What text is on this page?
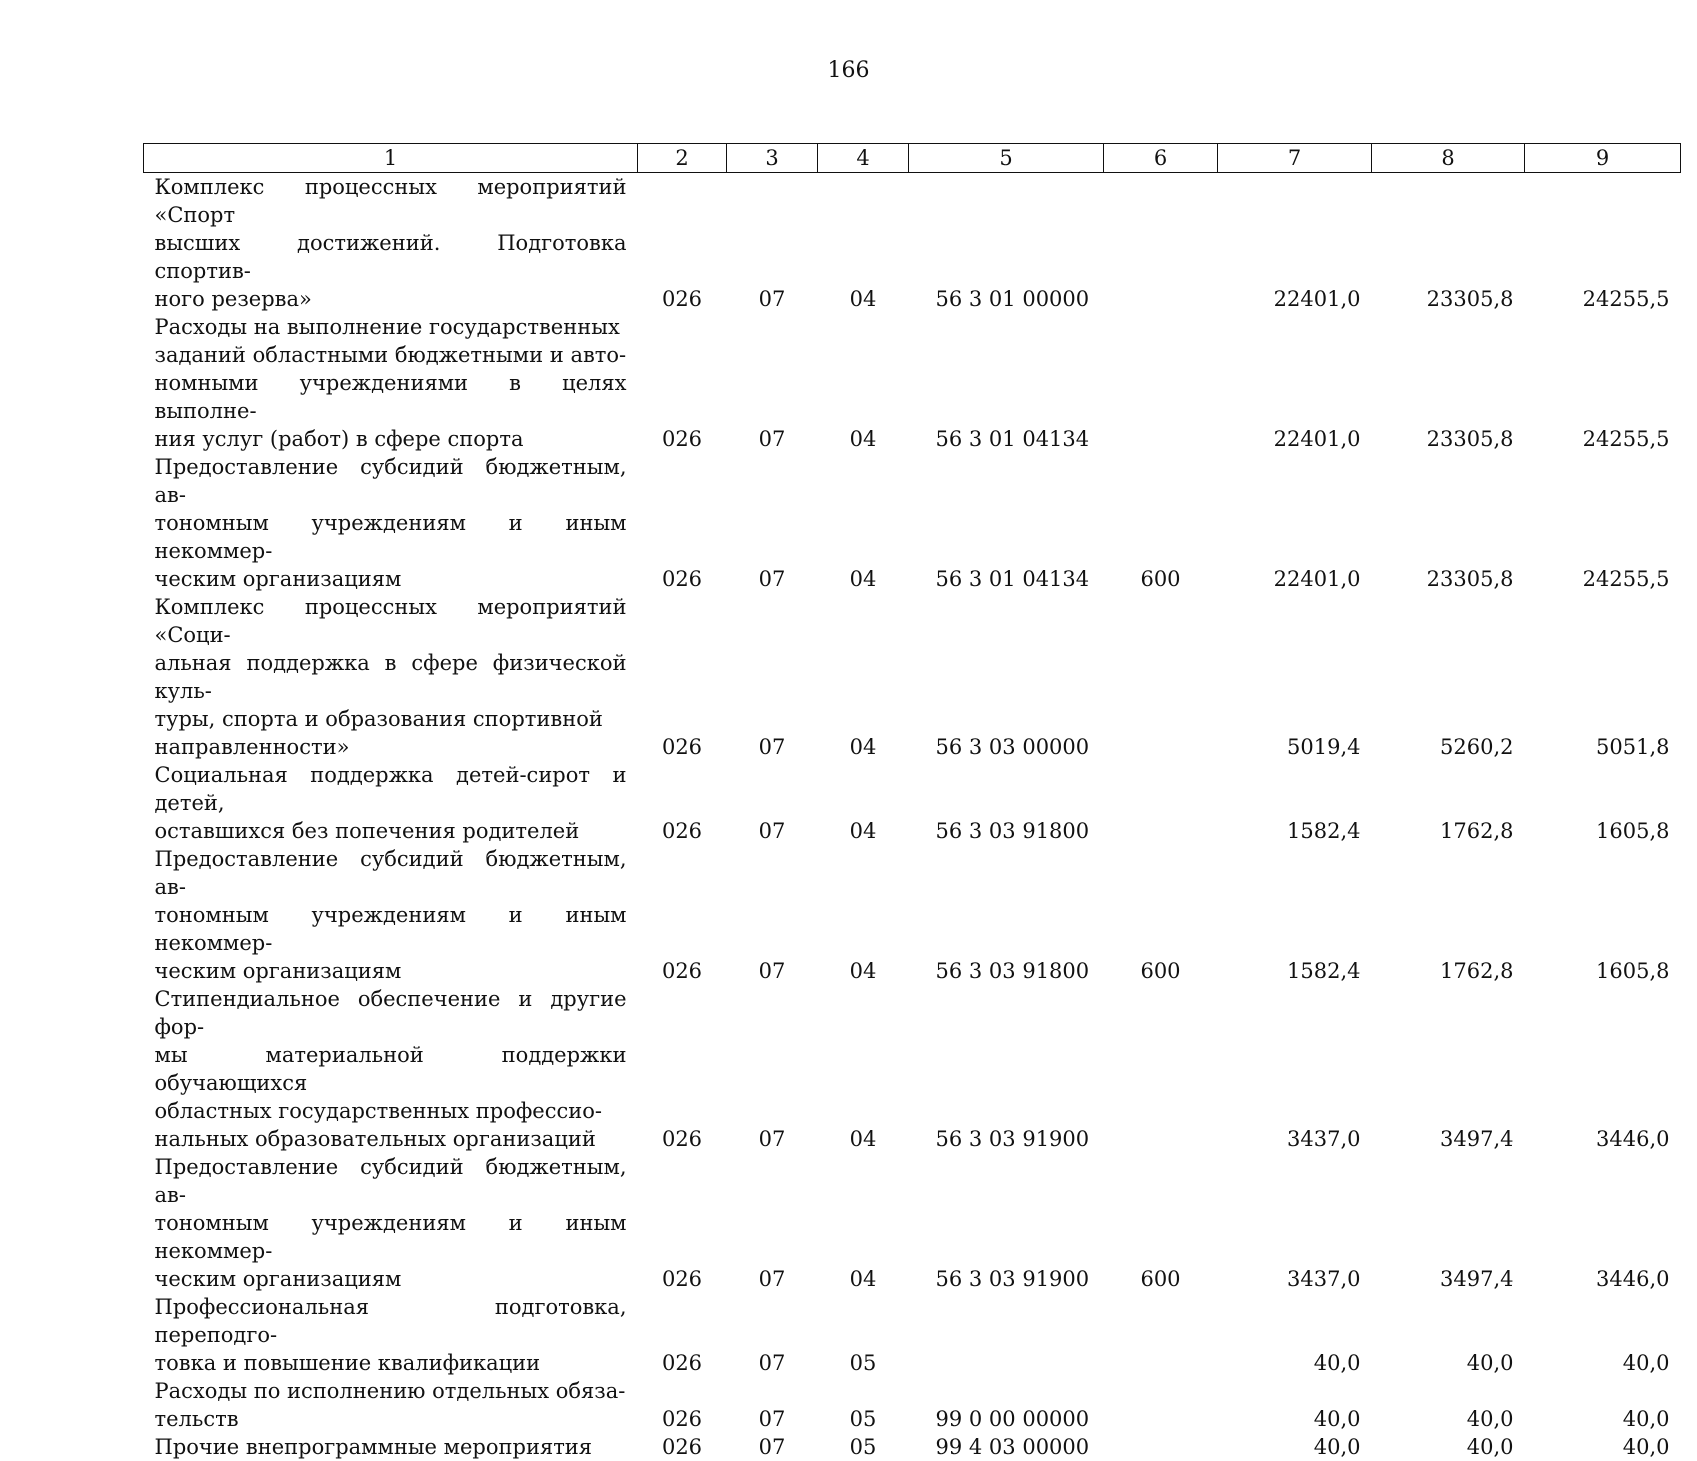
166
1	2	3	4	5	6	7	8	9

Комплекс процессных мероприятий «Спорт
высших достижений. Подготовка спортив-
ного резерва»	026	07	04	56 3 01 00000		22401,0	23305,8	24255,5

Расходы на выполнение государственных
заданий областными бюджетными и авто-
номными учреждениями в целях выполне-
ния услуг (работ) в сфере спорта	026	07	04	56 3 01 04134		22401,0	23305,8	24255,5

Предоставление субсидий бюджетным, ав-
тономным учреждениям и иным некоммер-
ческим организациям	026	07	04	56 3 01 04134	600	22401,0	23305,8	24255,5

Комплекс процессных мероприятий «Соци-
альная поддержка в сфере физической куль-
туры, спорта и образования спортивной
направленности»	026	07	04	56 3 03 00000		5019,4	5260,2	5051,8

Социальная поддержка детей-сирот и детей,
оставшихся без попечения родителей	026	07	04	56 3 03 91800		1582,4	1762,8	1605,8

Предоставление субсидий бюджетным, ав-
тономным учреждениям и иным некоммер-
ческим организациям	026	07	04	56 3 03 91800	600	1582,4	1762,8	1605,8

Стипендиальное обеспечение и другие фор-
мы материальной поддержки обучающихся
областных государственных профессио-
нальных образовательных организаций	026	07	04	56 3 03 91900		3437,0	3497,4	3446,0

Предоставление субсидий бюджетным, ав-
тономным учреждениям и иным некоммер-
ческим организациям	026	07	04	56 3 03 91900	600	3437,0	3497,4	3446,0

Профессиональная подготовка, переподго-
товка и повышение квалификации	026	07	05			40,0	40,0	40,0

Расходы по исполнению отдельных обяза-
тельств	026	07	05	99 0 00 00000		40,0	40,0	40,0

Прочие внепрограммные мероприятия	026	07	05	99 4 03 00000		40,0	40,0	40,0
